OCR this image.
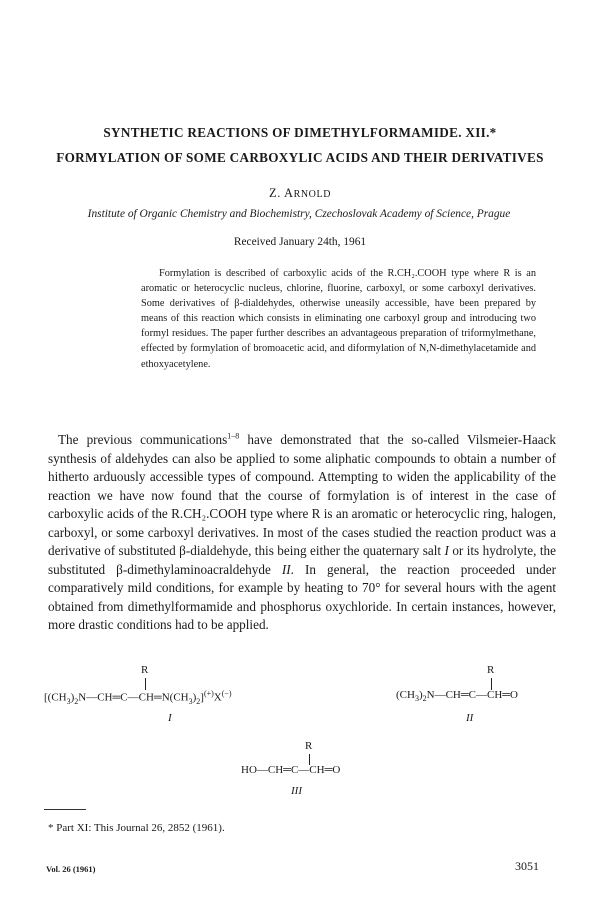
SYNTHETIC REACTIONS OF DIMETHYLFORMAMIDE. XII.*
FORMYLATION OF SOME CARBOXYLIC ACIDS AND THEIR DERIVATIVES
Z. ARNOLD
Institute of Organic Chemistry and Biochemistry, Czechoslovak Academy of Science, Prague
Received January 24th, 1961
Formylation is described of carboxylic acids of the R.CH₂.COOH type where R is an aromatic or heterocyclic nucleus, chlorine, fluorine, carboxyl, or some carboxyl derivatives. Some derivatives of β-dialdehydes, otherwise uneasily accessible, have been prepared by means of this reaction which consists in eliminating one carboxyl group and introducing two formyl residues. The paper further describes an advantageous preparation of triformylmethane, effected by formylation of bromoacetic acid, and diformylation of N,N-dimethylacetamide and ethoxyacetylene.
The previous communications$^{1-8}$ have demonstrated that the so-called Vilsmeier-Haack synthesis of aldehydes can also be applied to some aliphatic compounds to obtain a number of hitherto arduously accessible types of compound. Attempting to widen the applicability of the reaction we have now found that the course of formylation is of interest in the case of carboxylic acids of the R.CH₂.COOH type where R is an aromatic or heterocyclic ring, halogen, carboxyl, or some carboxyl derivatives. In most of the cases studied the reaction product was a derivative of substituted β-dialdehyde, this being either the quaternary salt I or its hydrolyte, the substituted β-dimethylaminoacraldehyde II. In general, the reaction proceeded under comparatively mild conditions, for example by heating to 70° for several hours with the agent obtained from dimethylformamide and phosphorus oxychloride. In certain instances, however, more drastic conditions had to be applied.
R
$[(CH_3)_2N—CH═C—CH═N(CH_3)_2]^{(+)}X^{(-)}$
I
R
$(CH_3)_2N—CH═C—CH═O$
II
R
HO—CH═C—CH═O
III
* Part XI: This Journal 26, 2852 (1961).
Vol. 26 (1961)	3051
